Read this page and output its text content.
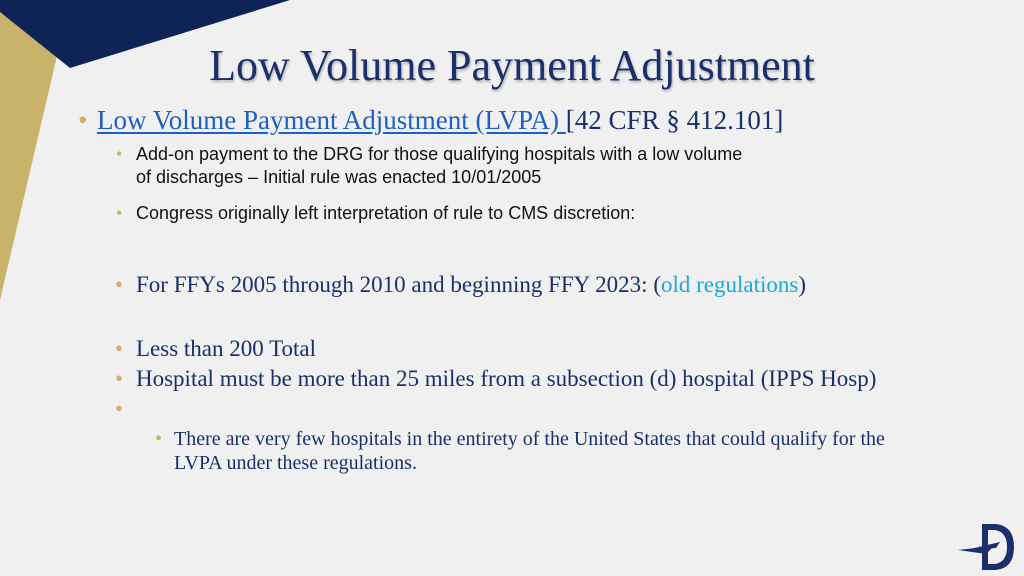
Low Volume Payment Adjustment
• Low Volume Payment Adjustment (LVPA) [42 CFR § 412.101]
• Add-on payment to the DRG for those qualifying hospitals with a low volume
of discharges – Initial rule was enacted 10/01/2005
• Congress originally left interpretation of rule to CMS discretion:
• For FFYs 2005 through 2010 and beginning FFY 2023: (old regulations)
• Less than 200 Total
• Hospital must be more than 25 miles from a subsection (d) hospital (IPPS Hosp)
•
• There are very few hospitals in the entirety of the United States that could qualify for the
LVPA under these regulations.
